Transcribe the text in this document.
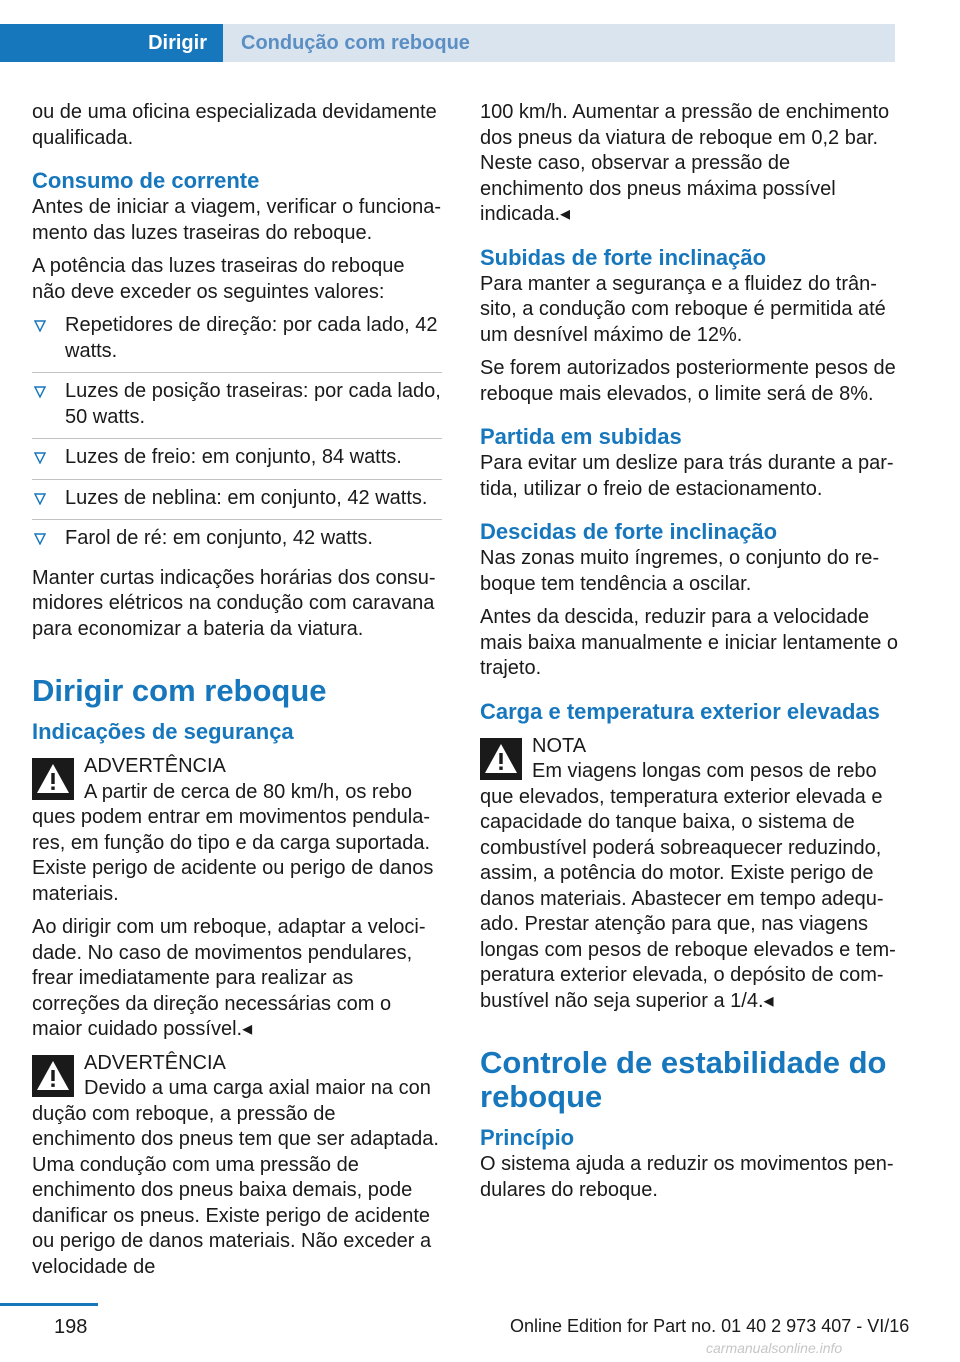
Dirigir	Condução com reboque

ou de uma oficina especializada devidamente qualificada.

Consumo de corrente

Antes de iniciar a viagem, verificar o funcionamento das luzes traseiras do reboque.

A potência das luzes traseiras do reboque não deve exceder os seguintes valores:

Repetidores de direção: por cada lado, 42 watts.
Luzes de posição traseiras: por cada lado, 50 watts.
Luzes de freio: em conjunto, 84 watts.
Luzes de neblina: em conjunto, 42 watts.
Farol de ré: em conjunto, 42 watts.

Manter curtas indicações horárias dos consumidores elétricos na condução com caravana para economizar a bateria da viatura.

Dirigir com reboque
Indicações de segurança
ADVERTÊNCIA
A partir de cerca de 80 km/h, os rebo
ques podem entrar em movimentos pendulares, em função do tipo e da carga suportada. Existe perigo de acidente ou perigo de danos materiais.

Ao dirigir com um reboque, adaptar a velocidade. No caso de movimentos pendulares, frear imediatamente para realizar as correções da direção necessárias com o maior cuidado possível.◂

ADVERTÊNCIA
Devido a uma carga axial maior na con
dução com reboque, a pressão de enchimento dos pneus tem que ser adaptada. Uma condução com uma pressão de enchimento dos pneus baixa demais, pode danificar os pneus. Existe perigo de acidente ou perigo de danos materiais. Não exceder a velocidade de

100 km/h. Aumentar a pressão de enchimento dos pneus da viatura de reboque em 0,2 bar. Neste caso, observar a pressão de enchimento dos pneus máxima possível indicada.◂

Subidas de forte inclinação

Para manter a segurança e a fluidez do trânsito, a condução com reboque é permitida até um desnível máximo de 12%.

Se forem autorizados posteriormente pesos de reboque mais elevados, o limite será de 8%.

Partida em subidas

Para evitar um deslize para trás durante a partida, utilizar o freio de estacionamento.

Descidas de forte inclinação

Nas zonas muito íngremes, o conjunto do reboque tem tendência a oscilar.

Antes da descida, reduzir para a velocidade mais baixa manualmente e iniciar lentamente o trajeto.

Carga e temperatura exterior elevadas
NOTA
Em viagens longas com pesos de rebo
que elevados, temperatura exterior elevada e capacidade do tanque baixa, o sistema de combustível poderá sobreaquecer reduzindo, assim, a potência do motor. Existe perigo de danos materiais. Abastecer em tempo adequado. Prestar atenção para que, nas viagens longas com pesos de reboque elevados e temperatura exterior elevada, o depósito de combustível não seja superior a 1/4.◂
Controle de estabilidade do reboque
Princípio

O sistema ajuda a reduzir os movimentos pendulares do reboque.

198	Online Edition for Part no. 01 40 2 973 407 - VI/16
carmanualsonline.info
